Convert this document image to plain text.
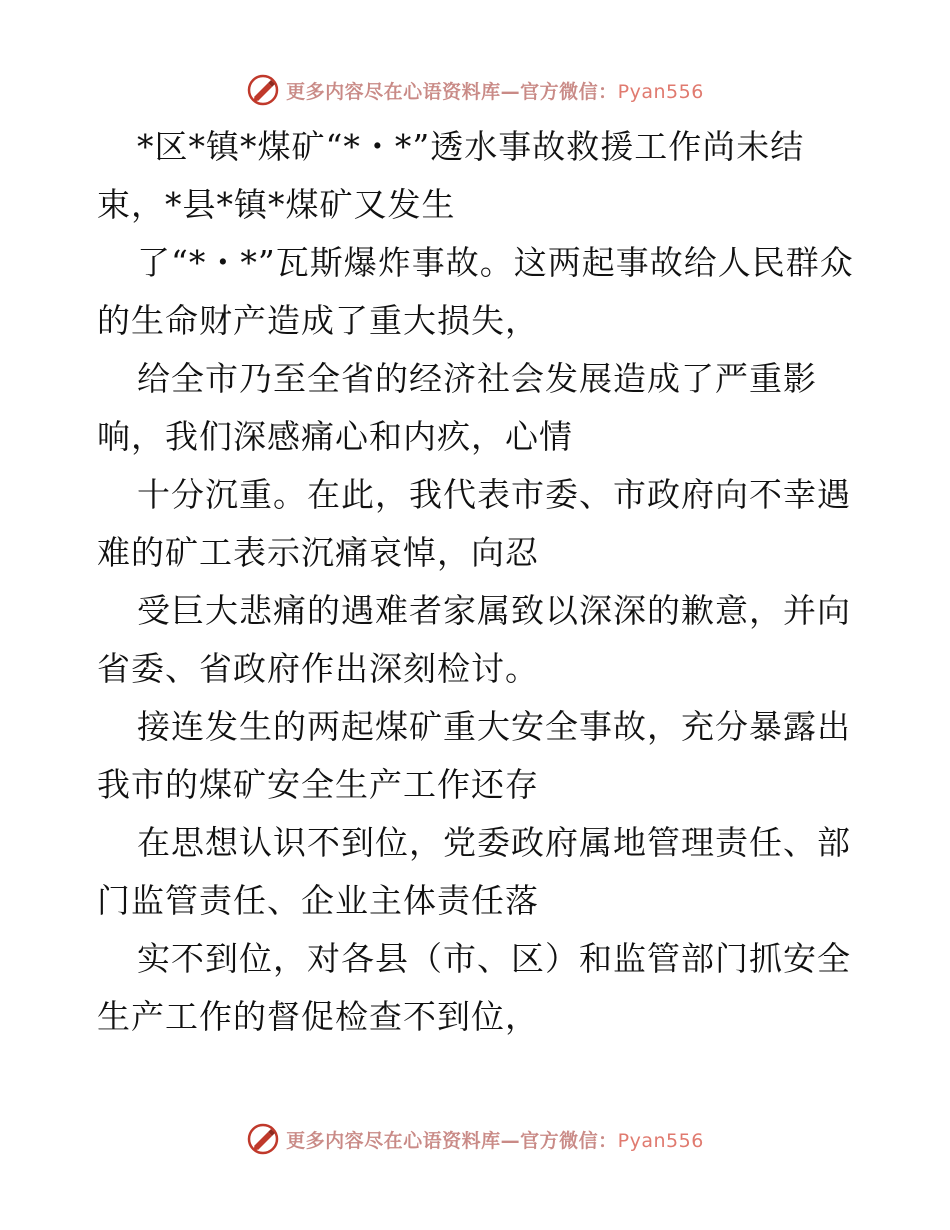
更多内容尽在心语资料库—官方微信：Pyan556

*区*镇*煤矿“*・*”透水事故救援工作尚未结束，*县*镇*煤矿又发生

了“*・*”瓦斯爆炸事故。这两起事故给人民群众的生命财产造成了重大损失，

给全市乃至全省的经济社会发展造成了严重影响，我们深感痛心和内疚，心情

十分沉重。在此，我代表市委、市政府向不幸遇难的矿工表示沉痛哀悼，向忍

受巨大悲痛的遇难者家属致以深深的歉意，并向省委、省政府作出深刻检讨。

接连发生的两起煤矿重大安全事故，充分暴露出我市的煤矿安全生产工作还存

在思想认识不到位，党委政府属地管理责任、部门监管责任、企业主体责任落

实不到位，对各县（市、区）和监管部门抓安全生产工作的督促检查不到位，

更多内容尽在心语资料库—官方微信：Pyan556
